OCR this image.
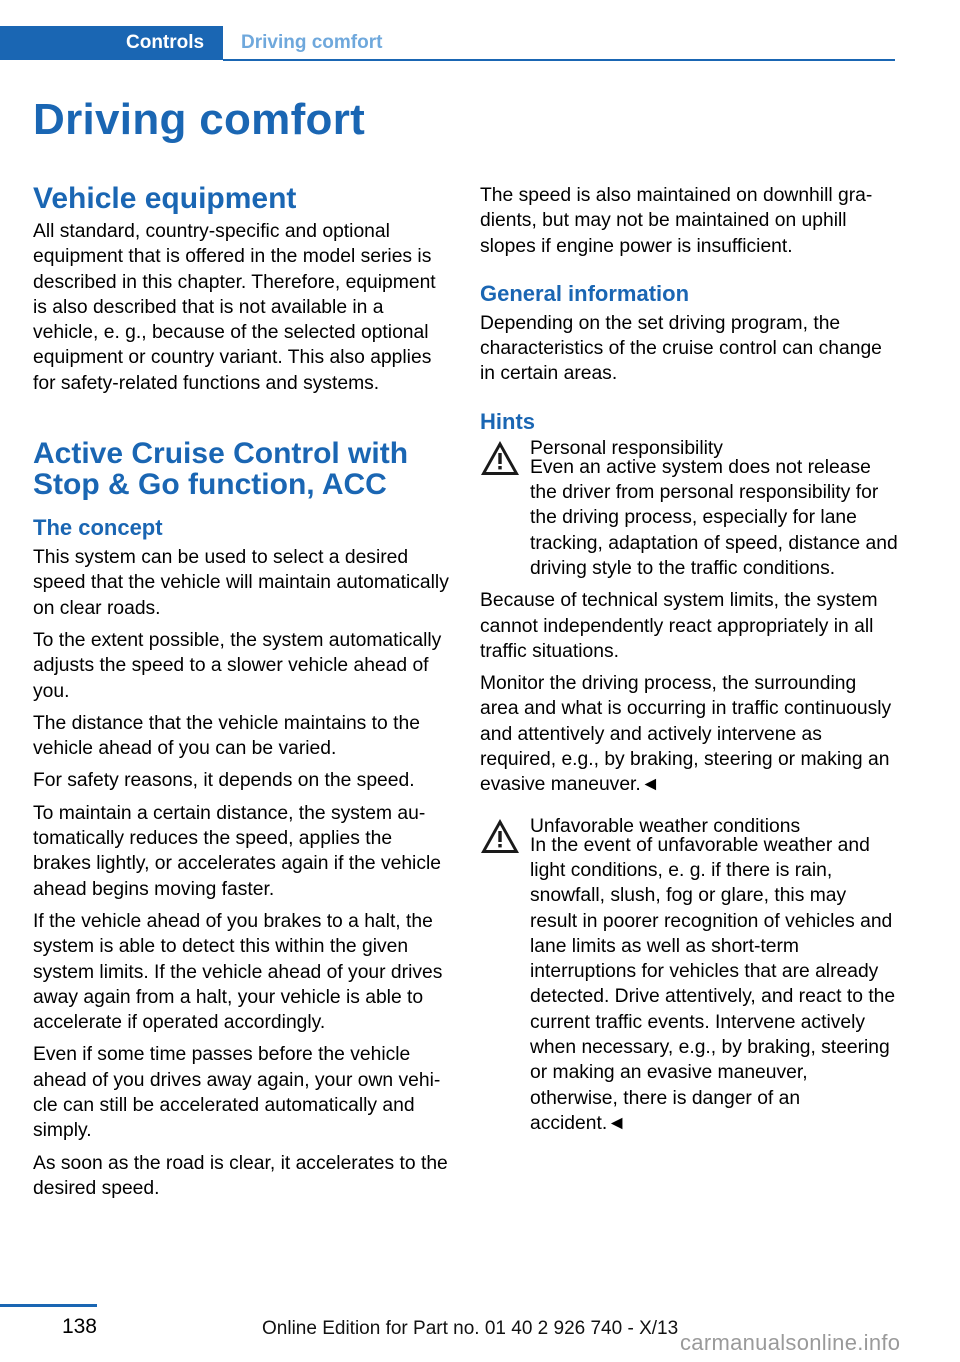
Controls	Driving comfort
Driving comfort
Vehicle equipment

All standard, country-specific and optional equipment that is offered in the model series is described in this chapter. Therefore, equipment is also described that is not available in a vehicle, e. g., because of the selected optional equipment or country variant. This also applies for safety-related functions and systems.

Active Cruise Control with Stop & Go function, ACC
The concept

This system can be used to select a desired speed that the vehicle will maintain automatically on clear roads.

To the extent possible, the system automatically adjusts the speed to a slower vehicle ahead of you.

The distance that the vehicle maintains to the vehicle ahead of you can be varied.

For safety reasons, it depends on the speed.

To maintain a certain distance, the system automatically reduces the speed, applies the brakes lightly, or accelerates again if the vehicle ahead begins moving faster.

If the vehicle ahead of you brakes to a halt, the system is able to detect this within the given system limits. If the vehicle ahead of your drives away again from a halt, your vehicle is able to accelerate if operated accordingly.

Even if some time passes before the vehicle ahead of you drives away again, your own vehicle can still be accelerated automatically and simply.

As soon as the road is clear, it accelerates to the desired speed.

The speed is also maintained on downhill gradients, but may not be maintained on uphill slopes if engine power is insufficient.

General information

Depending on the set driving program, the characteristics of the cruise control can change in certain areas.

Hints
Personal responsibility

Even an active system does not release the driver from personal responsibility for the driving process, especially for lane tracking, adaptation of speed, distance and driving style to the traffic conditions.

Because of technical system limits, the system cannot independently react appropriately in all traffic situations.

Monitor the driving process, the surrounding area and what is occurring in traffic continuously and attentively and actively intervene as required, e.g., by braking, steering or making an evasive maneuver.◄

Unfavorable weather conditions

In the event of unfavorable weather and light conditions, e. g. if there is rain, snowfall, slush, fog or glare, this may result in poorer recognition of vehicles and lane limits as well as short-term interruptions for vehicles that are already detected. Drive attentively, and react to the current traffic events. Intervene actively when necessary, e.g., by braking, steering or making an evasive maneuver, otherwise, there is danger of an accident.◄

138	Online Edition for Part no. 01 40 2 926 740 - X/13
carmanualsonline.info
